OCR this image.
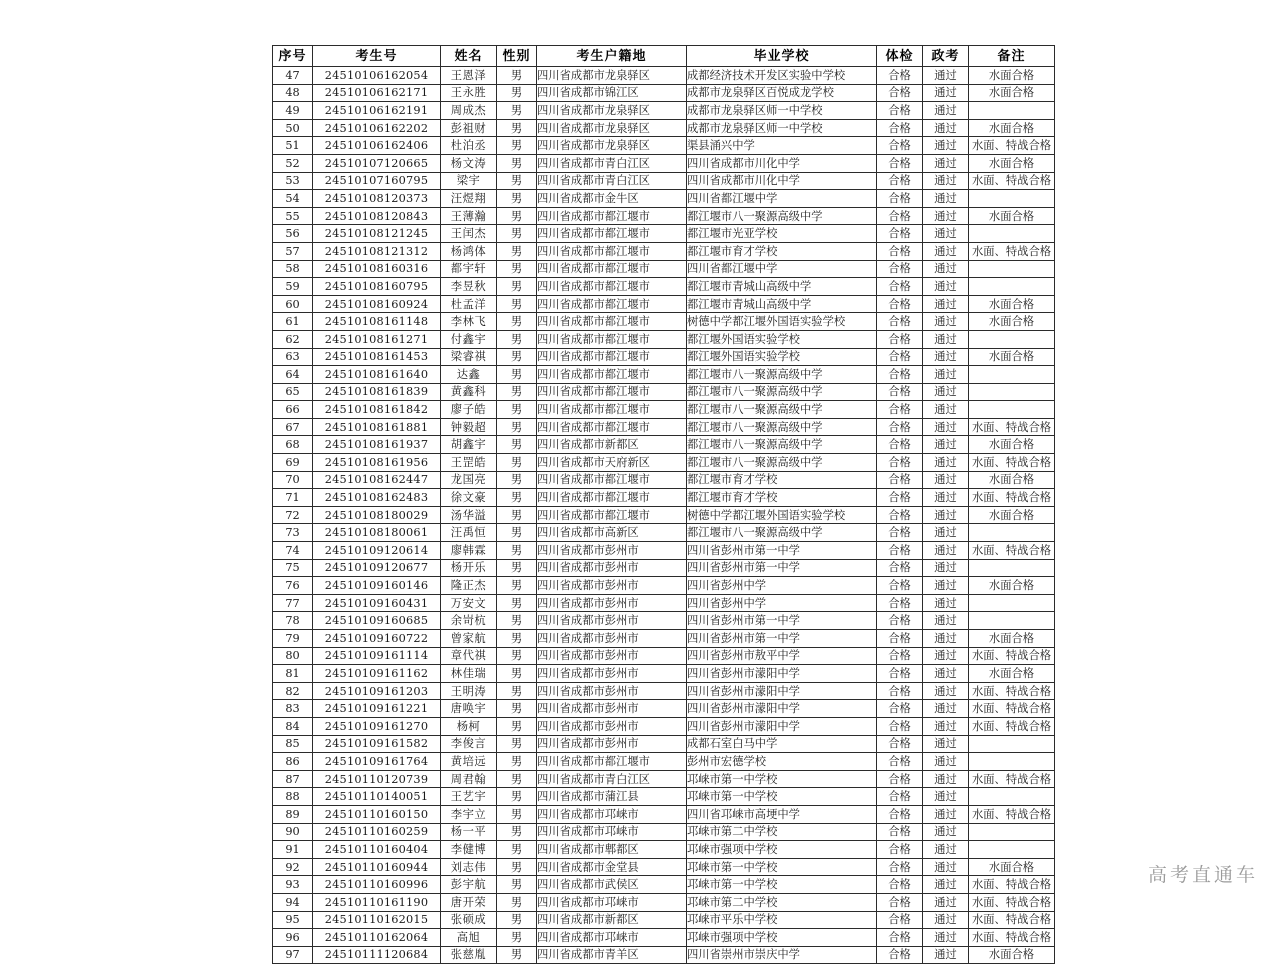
序号	考生号	姓名	性别	考生户籍地	毕业学校	体检	政考	备注
47	24510106162054	王恩泽	男	四川省成都市龙泉驿区	成都经济技术开发区实验中学校	合格	通过	水面合格
48	24510106162171	王永胜	男	四川省成都市锦江区	成都市龙泉驿区百悦成龙学校	合格	通过	水面合格
49	24510106162191	周成杰	男	四川省成都市龙泉驿区	成都市龙泉驿区师一中学校	合格	通过	
50	24510106162202	彭祖财	男	四川省成都市龙泉驿区	成都市龙泉驿区师一中学校	合格	通过	水面合格
51	24510106162406	杜泊丞	男	四川省成都市龙泉驿区	渠县涌兴中学	合格	通过	水面、特战合格
52	24510107120665	杨文涛	男	四川省成都市青白江区	四川省成都市川化中学	合格	通过	水面合格
53	24510107160795	梁宇	男	四川省成都市青白江区	四川省成都市川化中学	合格	通过	水面、特战合格
54	24510108120373	汪煜翔	男	四川省成都市金牛区	四川省都江堰中学	合格	通过	
55	24510108120843	王薄瀚	男	四川省成都市都江堰市	都江堰市八一聚源高级中学	合格	通过	水面合格
56	24510108121245	王闰杰	男	四川省成都市都江堰市	都江堰市光亚学校	合格	通过	
57	24510108121312	杨鸿体	男	四川省成都市都江堰市	都江堰市育才学校	合格	通过	水面、特战合格
58	24510108160316	都宇轩	男	四川省成都市都江堰市	四川省都江堰中学	合格	通过	
59	24510108160795	李昱秋	男	四川省成都市都江堰市	都江堰市青城山高级中学	合格	通过	
60	24510108160924	杜孟洋	男	四川省成都市都江堰市	都江堰市青城山高级中学	合格	通过	水面合格
61	24510108161148	李林飞	男	四川省成都市都江堰市	树德中学都江堰外国语实验学校	合格	通过	水面合格
62	24510108161271	付鑫宇	男	四川省成都市都江堰市	都江堰外国语实验学校	合格	通过	
63	24510108161453	梁睿祺	男	四川省成都市都江堰市	都江堰外国语实验学校	合格	通过	水面合格
64	24510108161640	达鑫	男	四川省成都市都江堰市	都江堰市八一聚源高级中学	合格	通过	
65	24510108161839	黄鑫科	男	四川省成都市都江堰市	都江堰市八一聚源高级中学	合格	通过	
66	24510108161842	廖子皓	男	四川省成都市都江堰市	都江堰市八一聚源高级中学	合格	通过	
67	24510108161881	钟毅超	男	四川省成都市都江堰市	都江堰市八一聚源高级中学	合格	通过	水面、特战合格
68	24510108161937	胡鑫宇	男	四川省成都市新都区	都江堰市八一聚源高级中学	合格	通过	水面合格
69	24510108161956	王罡皓	男	四川省成都市天府新区	都江堰市八一聚源高级中学	合格	通过	水面、特战合格
70	24510108162447	龙国亮	男	四川省成都市都江堰市	都江堰市育才学校	合格	通过	水面合格
71	24510108162483	徐文豪	男	四川省成都市都江堰市	都江堰市育才学校	合格	通过	水面、特战合格
72	24510108180029	汤华溢	男	四川省成都市都江堰市	树德中学都江堰外国语实验学校	合格	通过	水面合格
73	24510108180061	汪禹恒	男	四川省成都市高新区	都江堰市八一聚源高级中学	合格	通过	
74	24510109120614	廖韩霖	男	四川省成都市彭州市	四川省彭州市第一中学	合格	通过	水面、特战合格
75	24510109120677	杨开乐	男	四川省成都市彭州市	四川省彭州市第一中学	合格	通过	
76	24510109160146	隆正杰	男	四川省成都市彭州市	四川省彭州中学	合格	通过	水面合格
77	24510109160431	万安文	男	四川省成都市彭州市	四川省彭州中学	合格	通过	
78	24510109160685	余岢杭	男	四川省成都市彭州市	四川省彭州市第一中学	合格	通过	
79	24510109160722	曾家航	男	四川省成都市彭州市	四川省彭州市第一中学	合格	通过	水面合格
80	24510109161114	章代祺	男	四川省成都市彭州市	四川省彭州市敖平中学	合格	通过	水面、特战合格
81	24510109161162	林佳瑞	男	四川省成都市彭州市	四川省彭州市濛阳中学	合格	通过	水面合格
82	24510109161203	王明涛	男	四川省成都市彭州市	四川省彭州市濛阳中学	合格	通过	水面、特战合格
83	24510109161221	唐唤宇	男	四川省成都市彭州市	四川省彭州市濛阳中学	合格	通过	水面、特战合格
84	24510109161270	杨柯	男	四川省成都市彭州市	四川省彭州市濛阳中学	合格	通过	水面、特战合格
85	24510109161582	李俊言	男	四川省成都市彭州市	成都石室白马中学	合格	通过	
86	24510109161764	黄培远	男	四川省成都市都江堰市	彭州市宏德学校	合格	通过	
87	24510110120739	周君翰	男	四川省成都市青白江区	邛崃市第一中学校	合格	通过	水面、特战合格
88	24510110140051	王艺宇	男	四川省成都市蒲江县	邛崃市第一中学校	合格	通过	
89	24510110160150	李宇立	男	四川省成都市邛崃市	四川省邛崃市高埂中学	合格	通过	水面、特战合格
90	24510110160259	杨一平	男	四川省成都市邛崃市	邛崃市第二中学校	合格	通过	
91	24510110160404	李健博	男	四川省成都市郫都区	邛崃市强项中学校	合格	通过	
92	24510110160944	刘志伟	男	四川省成都市金堂县	邛崃市第一中学校	合格	通过	水面合格
93	24510110160996	彭宇航	男	四川省成都市武侯区	邛崃市第一中学校	合格	通过	水面、特战合格
94	24510110161190	唐开荣	男	四川省成都市邛崃市	邛崃市第二中学校	合格	通过	水面、特战合格
95	24510110162015	张硕成	男	四川省成都市新都区	邛崃市平乐中学校	合格	通过	水面、特战合格
96	24510110162064	高旭	男	四川省成都市邛崃市	邛崃市强项中学校	合格	通过	水面、特战合格
97	24510111120684	张慈胤	男	四川省成都市青羊区	四川省崇州市崇庆中学	合格	通过	水面合格
高考直通车
